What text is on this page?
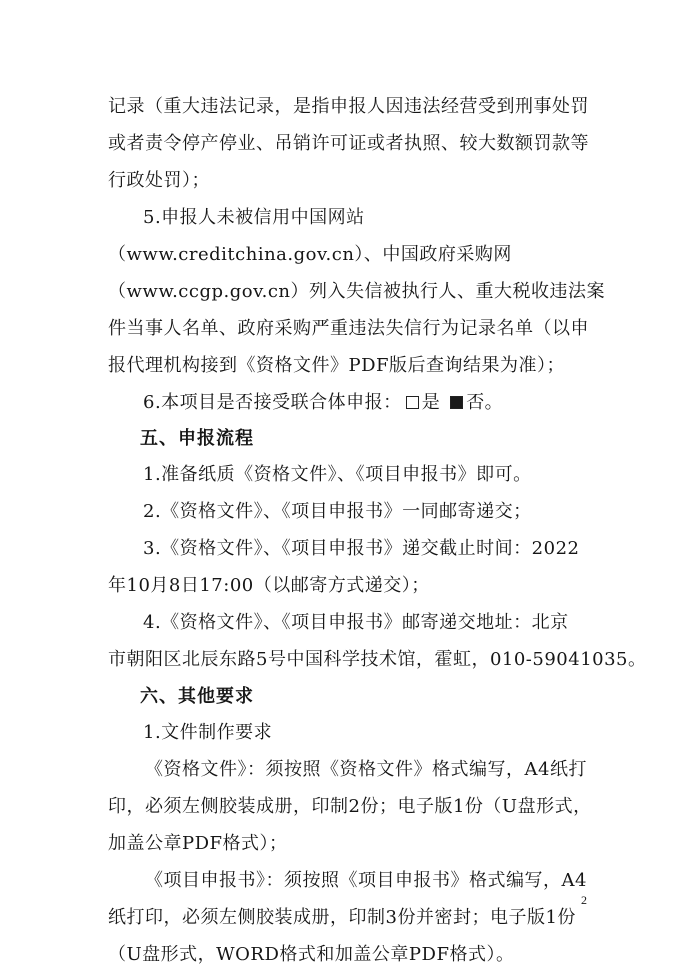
记录（重大违法记录，是指申报人因违法经营受到刑事处罚

或者责令停产停业、吊销许可证或者执照、较大数额罚款等

行政处罚）；

5.申报人未被信用中国网站

（www.creditchina.gov.cn）、中国政府采购网

（www.ccgp.gov.cn）列入失信被执行人、重大税收违法案

件当事人名单、政府采购严重违法失信行为记录名单（以申

报代理机构接到《资格文件》PDF版后查询结果为准）；

6.本项目是否接受联合体申报： 是 否。

五、申报流程

1.准备纸质《资格文件》、《项目申报书》即可。

2.《资格文件》、《项目申报书》一同邮寄递交；

3.《资格文件》、《项目申报书》递交截止时间：2022

年10月8日17:00（以邮寄方式递交）；

4.《资格文件》、《项目申报书》邮寄递交地址：北京

市朝阳区北辰东路5号中国科学技术馆，霍虹，010-59041035。

六、其他要求

1.文件制作要求

《资格文件》：须按照《资格文件》格式编写，A4纸打

印，必须左侧胶装成册，印制2份；电子版1份（U盘形式，

加盖公章PDF格式）；

《项目申报书》：须按照《项目申报书》格式编写，A4

纸打印，必须左侧胶装成册，印制3份并密封；电子版1份

（U盘形式，WORD格式和加盖公章PDF格式）。

2
